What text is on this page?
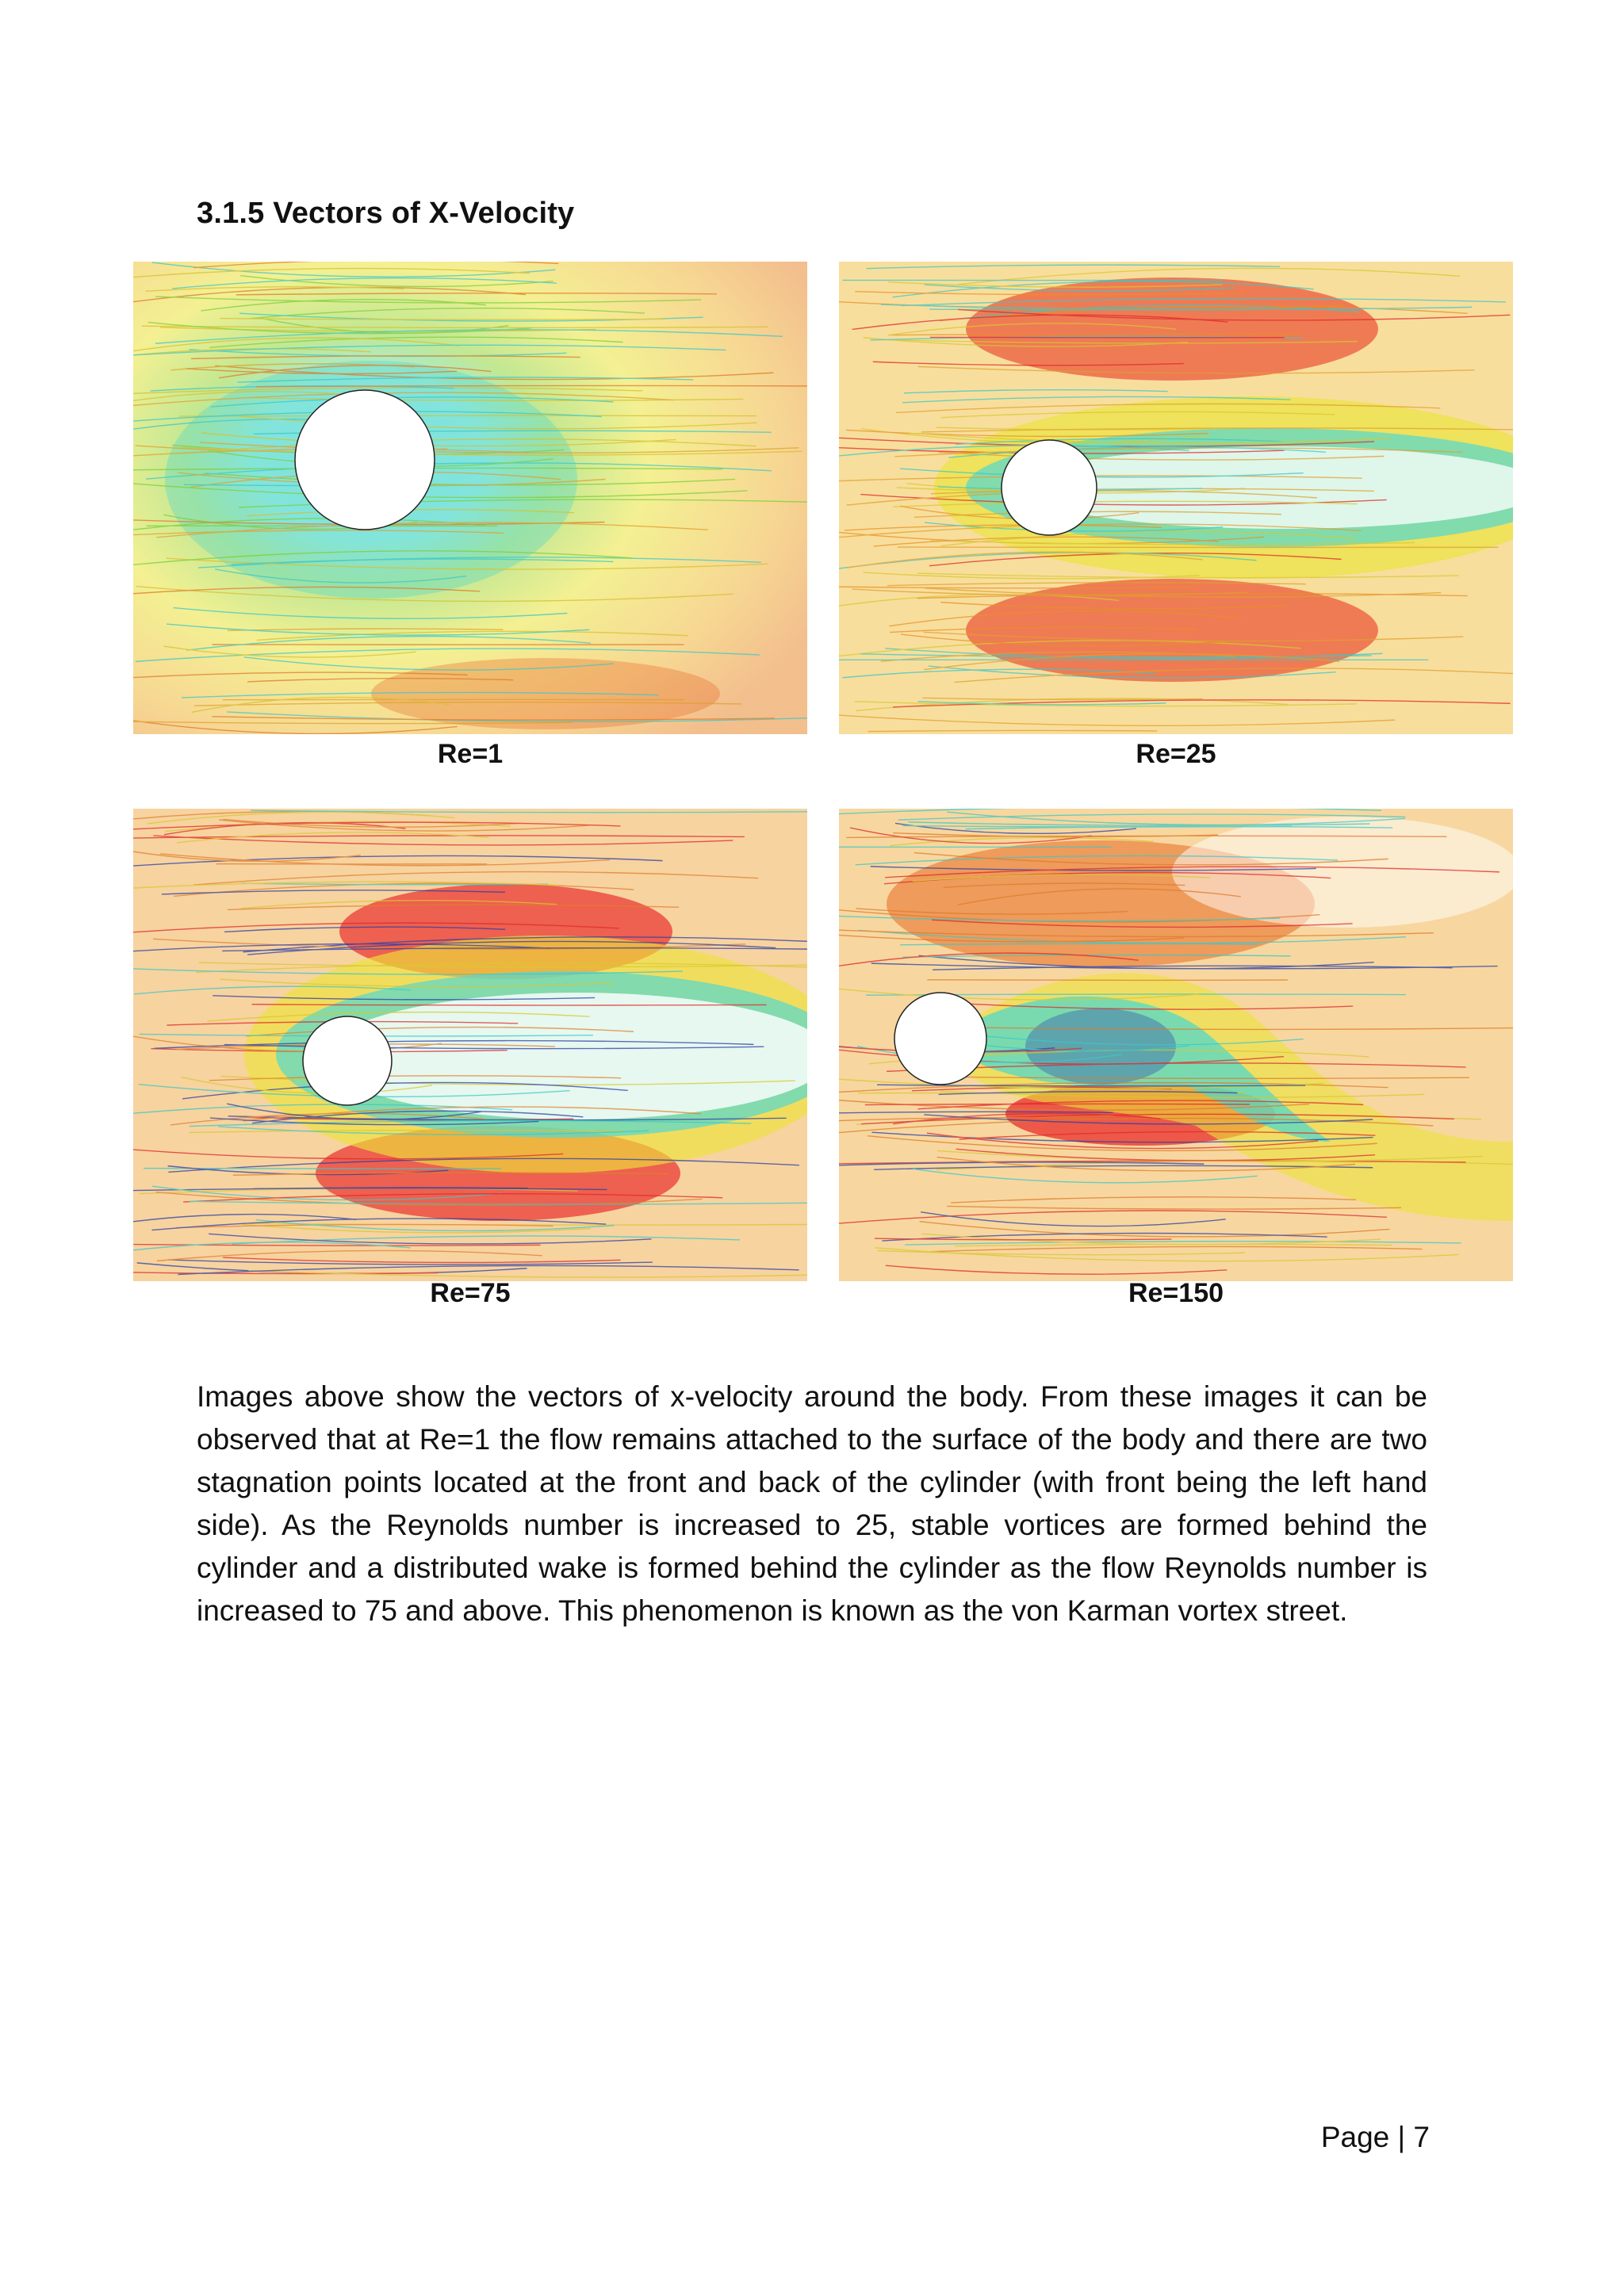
3.1.5 Vectors of X-Velocity
Re=1	Re=25
Re=75	Re=150
Images above show the vectors of x-velocity around the body. From these images it can be observed that at Re=1 the flow remains attached to the surface of the body and there are two stagnation points located at the front and back of the cylinder (with front being the left hand side). As the Reynolds number is increased to 25, stable vortices are formed behind the cylinder and a distributed wake is formed behind the cylinder as the flow Reynolds number is increased to 75 and above. This phenomenon is known as the von Karman vortex street.
Page | 7
